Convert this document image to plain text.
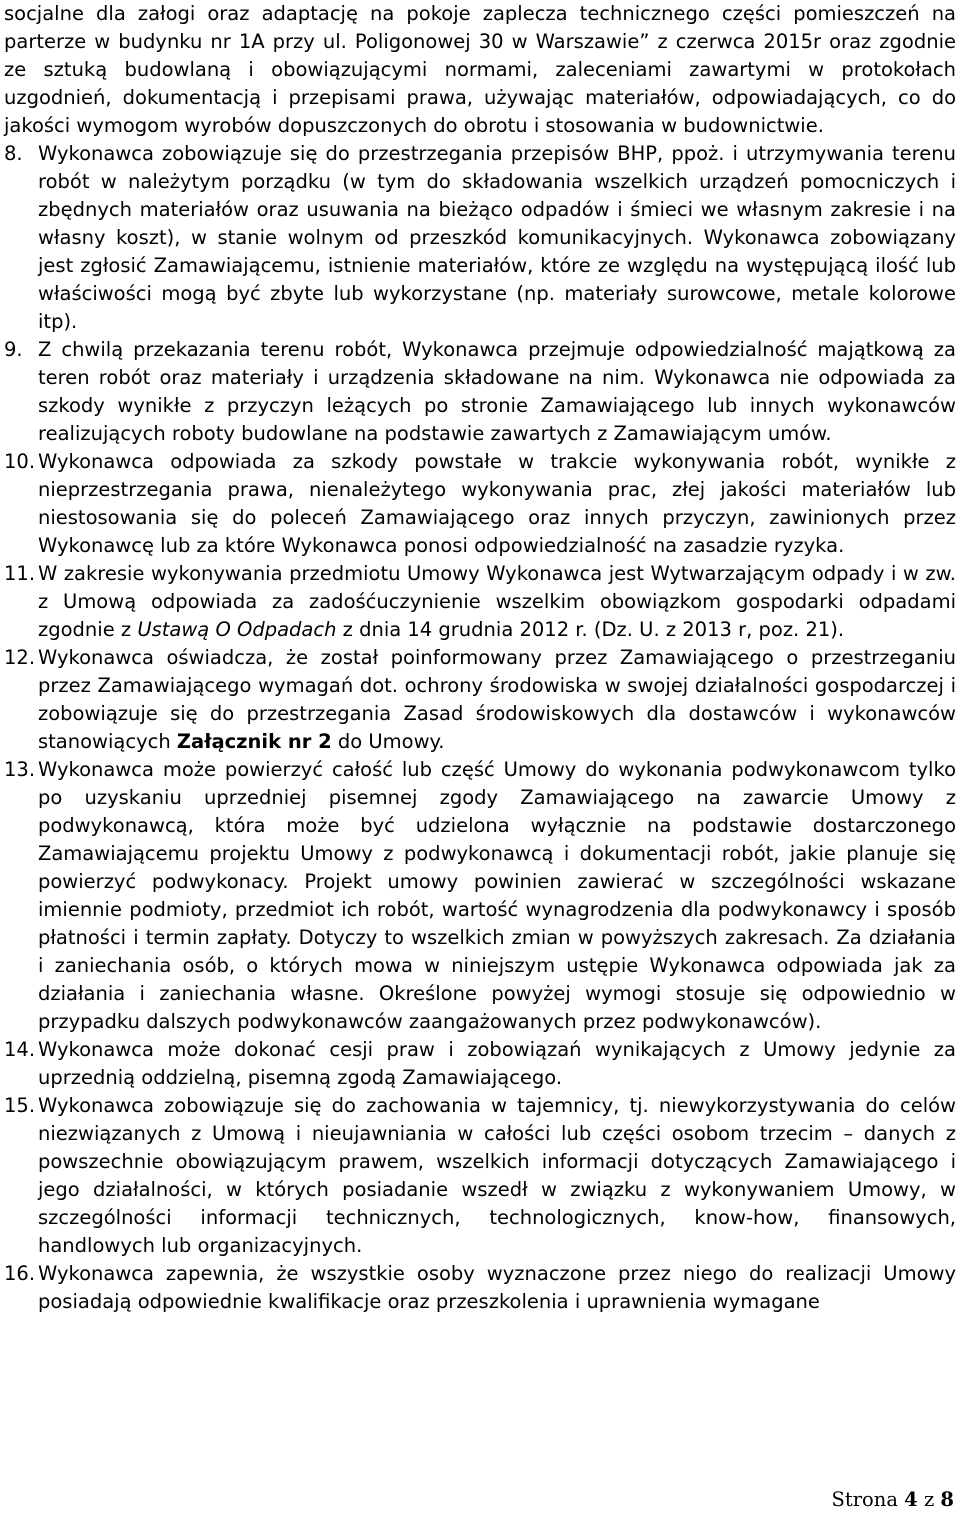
socjalne dla załogi oraz adaptację na pokoje zaplecza technicznego części pomieszczeń na parterze w budynku nr 1A przy ul. Poligonowej 30 w Warszawie” z czerwca 2015r oraz zgodnie ze sztuką budowlaną i obowiązującymi normami, zaleceniami zawartymi w protokołach uzgodnień, dokumentacją i przepisami prawa, używając materiałów, odpowiadających, co do jakości wymogom wyrobów dopuszczonych do obrotu i stosowania w budownictwie.
8. Wykonawca zobowiązuje się do przestrzegania przepisów BHP, ppoż. i utrzymywania terenu robót w należytym porządku (w tym do składowania wszelkich urządzeń pomocniczych i zbędnych materiałów oraz usuwania na bieżąco odpadów i śmieci we własnym zakresie i na własny koszt), w stanie wolnym od przeszkód komunikacyjnych. Wykonawca zobowiązany jest zgłosić Zamawiającemu, istnienie materiałów, które ze względu na występującą ilość lub właściwości mogą być zbyte lub wykorzystane (np. materiały surowcowe, metale kolorowe itp).
9. Z chwilą przekazania terenu robót, Wykonawca przejmuje odpowiedzialność majątkową za teren robót oraz materiały i urządzenia składowane na nim. Wykonawca nie odpowiada za szkody wynikłe z przyczyn leżących po stronie Zamawiającego lub innych wykonawców realizujących roboty budowlane na podstawie zawartych z Zamawiającym umów.
10. Wykonawca odpowiada za szkody powstałe w trakcie wykonywania robót, wynikłe z nieprzestrzegania prawa, nienależytego wykonywania prac, złej jakości materiałów lub niestosowania się do poleceń Zamawiającego oraz innych przyczyn, zawinionych przez Wykonawcę lub za które Wykonawca ponosi odpowiedzialność na zasadzie ryzyka.
11. W zakresie wykonywania przedmiotu Umowy Wykonawca jest Wytwarzającym odpady i w zw. z Umową odpowiada za zadośćuczynienie wszelkim obowiązkom gospodarki odpadami zgodnie z Ustawą O Odpadach z dnia 14 grudnia 2012 r. (Dz. U. z 2013 r, poz. 21).
12. Wykonawca oświadcza, że został poinformowany przez Zamawiającego o przestrzeganiu przez Zamawiającego wymagań dot. ochrony środowiska w swojej działalności gospodarczej i zobowiązuje się do przestrzegania Zasad środowiskowych dla dostawców i wykonawców stanowiących Załącznik nr 2 do Umowy.
13. Wykonawca może powierzyć całość lub część Umowy do wykonania podwykonawcom tylko po uzyskaniu uprzedniej pisemnej zgody Zamawiającego na zawarcie Umowy z podwykonawcą, która może być udzielona wyłącznie na podstawie dostarczonego Zamawiającemu projektu Umowy z podwykonawcą i dokumentacji robót, jakie planuje się powierzyć podwykonacy. Projekt umowy powinien zawierać w szczególności wskazane imiennie podmioty, przedmiot ich robót, wartość wynagrodzenia dla podwykonawcy i sposób płatności i termin zapłaty. Dotyczy to wszelkich zmian w powyższych zakresach. Za działania i zaniechania osób, o których mowa w niniejszym ustępie Wykonawca odpowiada jak za działania i zaniechania własne. Określone powyżej wymogi stosuje się odpowiednio w przypadku dalszych podwykonawców zaangażowanych przez podwykonawców).
14. Wykonawca może dokonać cesji praw i zobowiązań wynikających z Umowy jedynie za uprzednią oddzielną, pisemną zgodą Zamawiającego.
15. Wykonawca zobowiązuje się do zachowania w tajemnicy, tj. niewykorzystywania do celów niezwiązanych z Umową i nieujawniania w całości lub części osobom trzecim – danych z powszechnie obowiązującym prawem, wszelkich informacji dotyczących Zamawiającego i jego działalności, w których posiadanie wszedł w związku z wykonywaniem Umowy, w szczególności informacji technicznych, technologicznych, know-how, finansowych, handlowych lub organizacyjnych.
16. Wykonawca zapewnia, że wszystkie osoby wyznaczone przez niego do realizacji Umowy posiadają odpowiednie kwalifikacje oraz przeszkolenia i uprawnienia wymagane
Strona 4 z 8
